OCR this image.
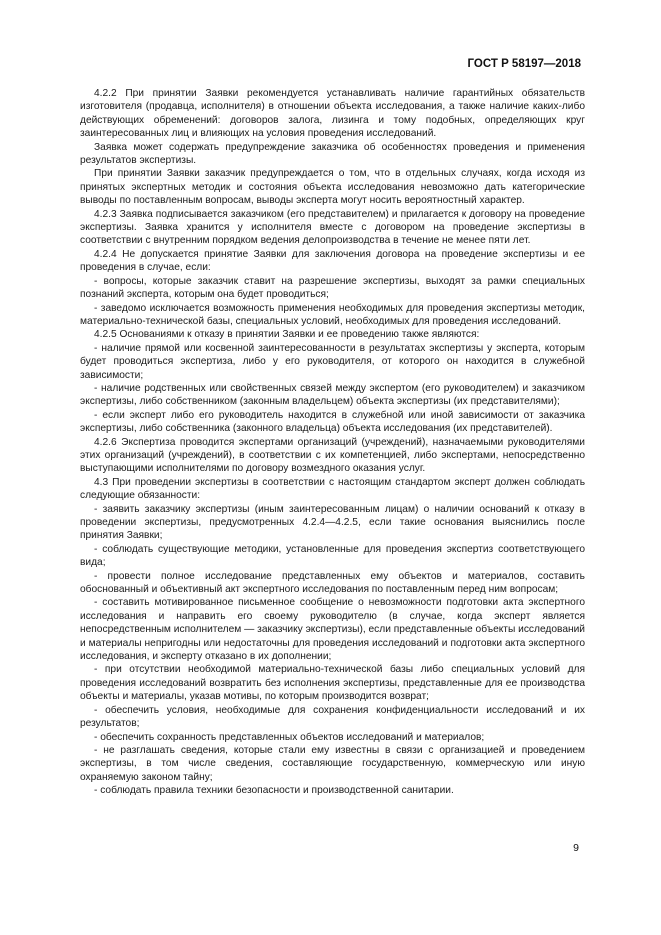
ГОСТ Р 58197—2018

4.2.2 При принятии Заявки рекомендуется устанавливать наличие гарантийных обязательств изготовителя (продавца, исполнителя) в отношении объекта исследования, а также наличие каких-либо действующих обременений: договоров залога, лизинга и тому подобных, определяющих круг заинтересованных лиц и влияющих на условия проведения исследований.

Заявка может содержать предупреждение заказчика об особенностях проведения и применения результатов экспертизы.

При принятии Заявки заказчик предупреждается о том, что в отдельных случаях, когда исходя из принятых экспертных методик и состояния объекта исследования невозможно дать категорические выводы по поставленным вопросам, выводы эксперта могут носить вероятностный характер.

4.2.3 Заявка подписывается заказчиком (его представителем) и прилагается к договору на проведение экспертизы. Заявка хранится у исполнителя вместе с договором на проведение экспертизы в соответствии с внутренним порядком ведения делопроизводства в течение не менее пяти лет.

4.2.4 Не допускается принятие Заявки для заключения договора на проведение экспертизы и ее проведения в случае, если:

- вопросы, которые заказчик ставит на разрешение экспертизы, выходят за рамки специальных познаний эксперта, которым она будет проводиться;

- заведомо исключается возможность применения необходимых для проведения экспертизы методик, материально-технической базы, специальных условий, необходимых для проведения исследований.

4.2.5 Основаниями к отказу в принятии Заявки и ее проведению также являются:

- наличие прямой или косвенной заинтересованности в результатах экспертизы у эксперта, которым будет проводиться экспертиза, либо у его руководителя, от которого он находится в служебной зависимости;

- наличие родственных или свойственных связей между экспертом (его руководителем) и заказчиком экспертизы, либо собственником (законным владельцем) объекта экспертизы (их представителями);

- если эксперт либо его руководитель находится в служебной или иной зависимости от заказчика экспертизы, либо собственника (законного владельца) объекта исследования (их представителей).

4.2.6 Экспертиза проводится экспертами организаций (учреждений), назначаемыми руководителями этих организаций (учреждений), в соответствии с их компетенцией, либо экспертами, непосредственно выступающими исполнителями по договору возмездного оказания услуг.

4.3 При проведении экспертизы в соответствии с настоящим стандартом эксперт должен соблюдать следующие обязанности:

- заявить заказчику экспертизы (иным заинтересованным лицам) о наличии оснований к отказу в проведении экспертизы, предусмотренных 4.2.4—4.2.5, если такие основания выяснились после принятия Заявки;

- соблюдать существующие методики, установленные для проведения экспертиз соответствующего вида;

- провести полное исследование представленных ему объектов и материалов, составить обоснованный и объективный акт экспертного исследования по поставленным перед ним вопросам;

- составить мотивированное письменное сообщение о невозможности подготовки акта экспертного исследования и направить его своему руководителю (в случае, когда эксперт является непосредственным исполнителем — заказчику экспертизы), если представленные объекты исследований и материалы непригодны или недостаточны для проведения исследований и подготовки акта экспертного исследования, и эксперту отказано в их дополнении;

- при отсутствии необходимой материально-технической базы либо специальных условий для проведения исследований возвратить без исполнения экспертизы, представленные для ее производства объекты и материалы, указав мотивы, по которым производится возврат;

- обеспечить условия, необходимые для сохранения конфиденциальности исследований и их результатов;

- обеспечить сохранность представленных объектов исследований и материалов;

- не разглашать сведения, которые стали ему известны в связи с организацией и проведением экспертизы, в том числе сведения, составляющие государственную, коммерческую или иную охраняемую законом тайну;

- соблюдать правила техники безопасности и производственной санитарии.

9
